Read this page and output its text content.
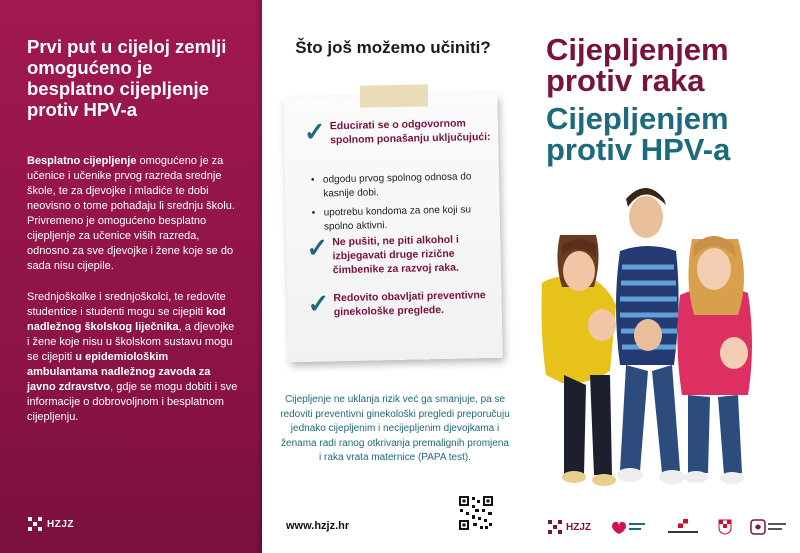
Prvi put u cijeloj zemlji omogućeno je besplatno cijepljenje protiv HPV-a

Besplatno cijepljenje omogućeno je za učenice i učenike prvog razreda srednje škole, te za djevojke i mladiće te dobi neovisno o tome pohađaju li srednju školu. Privremeno je omogućeno besplatno cijepljenje za učenice viših razreda, odnosno za sve djevojke i žene koje se do sada nisu cijepile.

Srednjoškolke i srednjoškolci, te redovite studentice i studenti mogu se cijepiti kod nadležnog školskog liječnika, a djevojke i žene koje nisu u školskom sustavu mogu se cijepiti u epidemiološkim ambulantama nadležnog zavoda za javno zdravstvo, gdje se mogu dobiti i sve informacije o dobrovoljnom i besplatnom cijepljenju.

HZJZ
Što još možemo učiniti?
✓ Educirati se o odgovornom spolnom ponašanju uključujući:
• odgodu prvog spolnog odnosa do kasnije dobi.
• upotrebu kondoma za one koji su spolno aktivni.
✓ Ne pušiti, ne piti alkohol i izbjegavati druge rizične čimbenike za razvoj raka.
✓ Redovito obavljati preventivne ginekološke preglede.

Cijepljenje ne uklanja rizik već ga smanjuje, pa se redoviti preventivni ginekološki pregledi preporučuju jednako cijepljenim i necijepljenim djevojkama i ženama radi ranog otkrivanja premalignih promjena i raka vrata maternice (PAPA test).

www.hzjz.hr
Cijepljenjem protiv raka
Cijepljenjem protiv HPV-a
HZJZ
